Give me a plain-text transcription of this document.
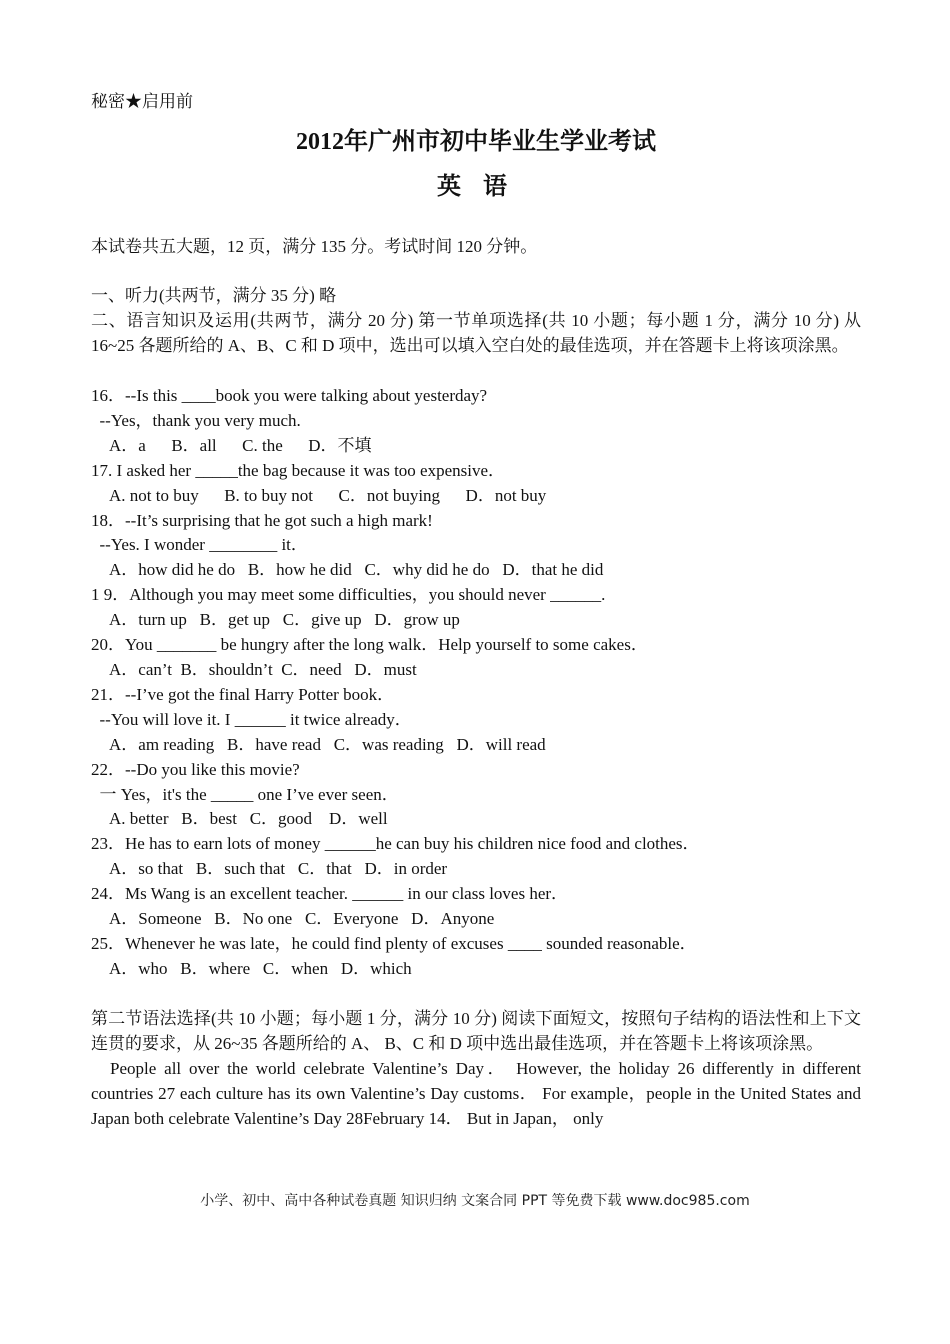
秘密★启用前
2012年广州市初中毕业生学业考试
英 语
本试卷共五大题，12 页，满分 135 分。考试时间 120 分钟。
一、听力(共两节，满分 35 分) 略
二、语言知识及运用(共两节，满分 20 分) 第一节单项选择(共 10 小题；每小题 1 分，满分 10 分) 从 16~25 各题所给的 A、B、C 和 D 项中，选出可以填入空白处的最佳选项，并在答题卡上将该项涂黑。
16．--Is this ____book you were talking about yesterday?
--Yes，thank you very much.
A．a      B．all      C. the      D．不填
17. I asked her _____the bag because it was too expensive．
A. not to buy      B. to buy not      C．not buying      D．not buy
18．--It’s surprising that he got such a high mark!
--Yes. I wonder ________ it．
A．how did he do   B．how he did   C．why did he do   D．that he did
1 9．Although you may meet some difficulties，you should never ______.
A．turn up   B．get up   C．give up   D．grow up
20．You _______ be hungry after the long walk．Help yourself to some cakes．
A．can’t  B．shouldn’t  C．need   D．must
21．--I’ve got the final Harry Potter book．
--You will love it. I ______ it twice already．
A．am reading   B．have read   C．was reading   D．will read
22．--Do you like this movie?
一 Yes，it's the _____ one I’ve ever seen．
A. better   B．best   C．good    D．well
23．He has to earn lots of money ______he can buy his children nice food and clothes．
A．so that   B．such that   C．that   D．in order
24．Ms Wang is an excellent teacher. ______ in our class loves her．
A．Someone   B．No one   C．Everyone   D．Anyone
25．Whenever he was late，he could find plenty of excuses ____ sounded reasonable．
A．who   B．where   C．when   D．which
第二节语法选择(共 10 小题；每小题 1 分，满分 10 分) 阅读下面短文，按照句子结构的语法性和上下文连贯的要求，从 26~35 各题所给的 A、 B、C 和 D 项中选出最佳选项，并在答题卡上将该项涂黑。
People all over the world celebrate Valentine’s Day． However, the holiday 26 differently in different countries 27 each culture has its own Valentine’s Day customs． For example，people in the United States and Japan both celebrate Valentine’s Day 28February 14． But in Japan， only
小学、初中、高中各种试卷真题 知识归纳 文案合同 PPT 等免费下载 www.doc985.com
